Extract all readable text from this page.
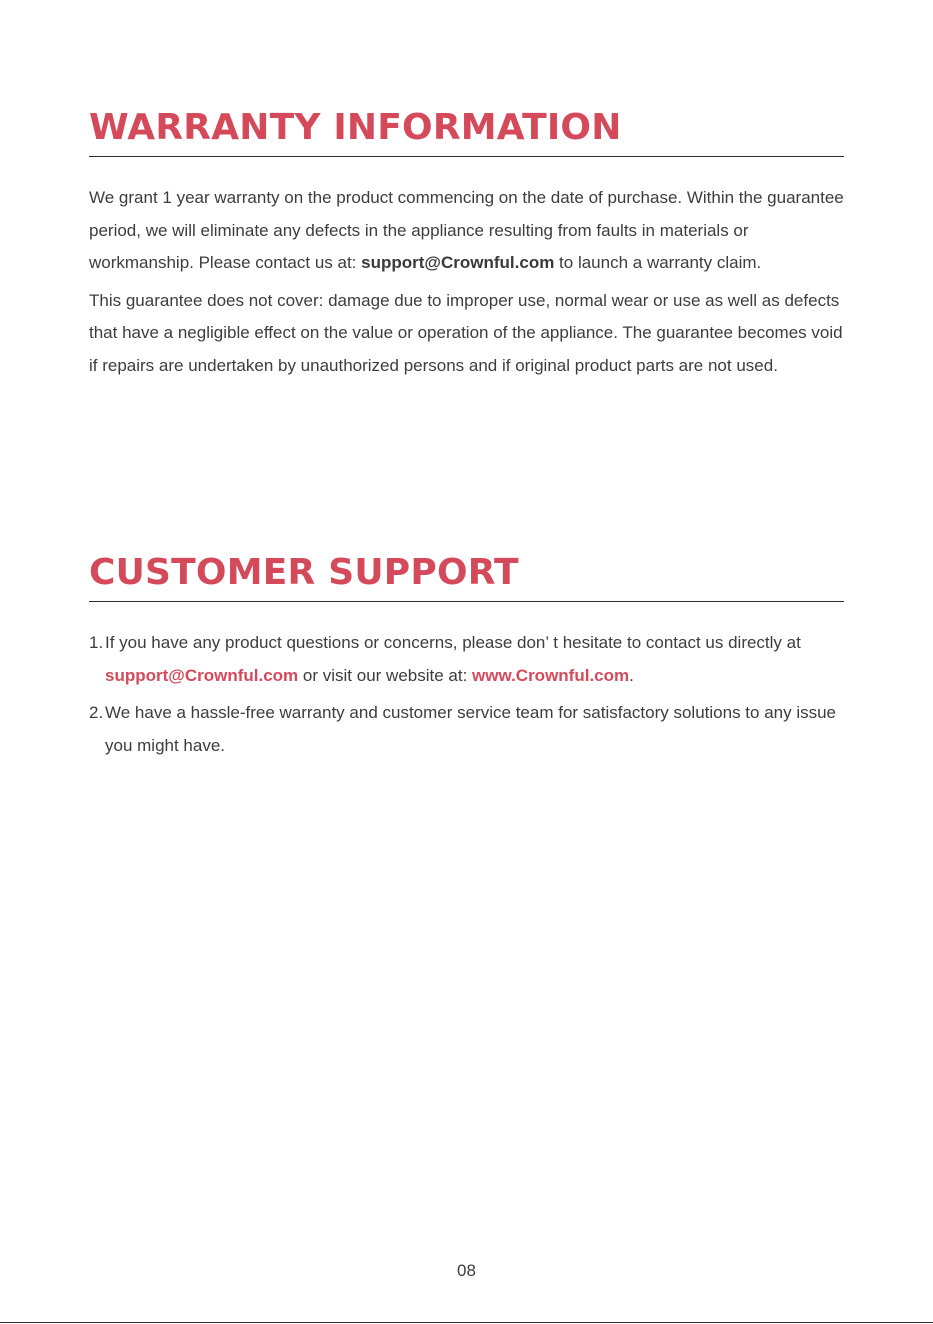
WARRANTY INFORMATION

We grant 1 year warranty on the product commencing on the date of purchase. Within the guarantee period, we will eliminate any defects in the appliance resulting from faults in materials or workmanship. Please contact us at: support@Crownful.com to launch a warranty claim.

This guarantee does not cover: damage due to improper use, normal wear or use as well as defects that have a negligible effect on the value or operation of the appliance. The guarantee becomes void if repairs are undertaken by unauthorized persons and if original product parts are not used.

CUSTOMER SUPPORT
1. If you have any product questions or concerns, please don’ t hesitate to contact us directly at support@Crownful.com or visit our website at: www.Crownful.com.
2. We have a hassle-free warranty and customer service team for satisfactory solutions to any issue you might have.
08
